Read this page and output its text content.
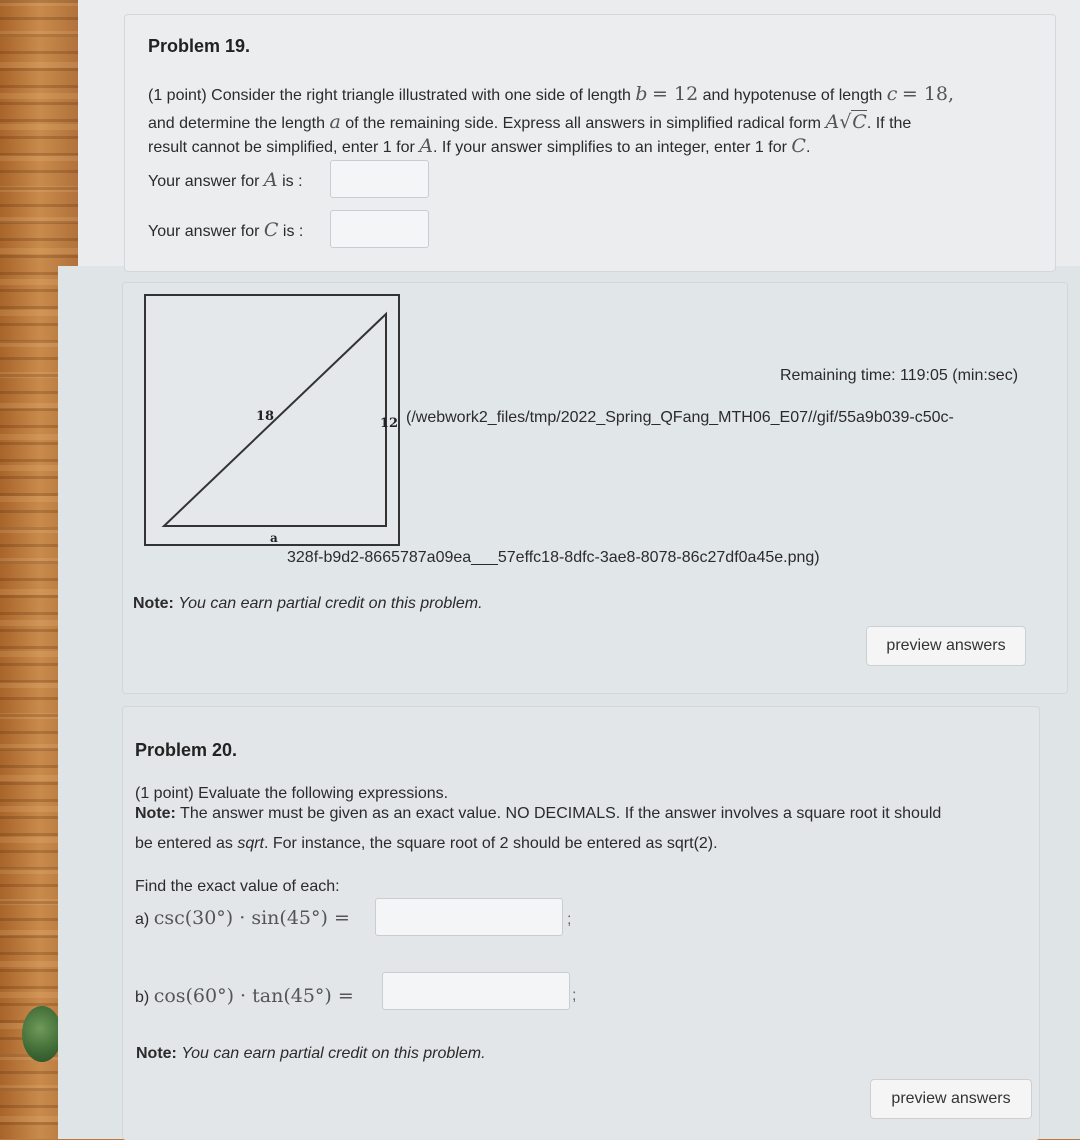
Problem 19.
(1 point) Consider the right triangle illustrated with one side of length b = 12 and hypotenuse of length c = 18,
and determine the length a of the remaining side. Express all answers in simplified radical form A√C. If the
result cannot be simplified, enter 1 for A. If your answer simplifies to an integer, enter 1 for C.
Your answer for A is :
Your answer for C is :
18	12
a
Remaining time: 119:05 (min:sec)
(/webwork2_files/tmp/2022_Spring_QFang_MTH06_E07//gif/55a9b039-c50c-
328f-b9d2-8665787a09ea___57effc18-8dfc-3ae8-8078-86c27df0a45e.png)
Note: You can earn partial credit on this problem.
preview answers
Problem 20.
(1 point) Evaluate the following expressions.
Note: The answer must be given as an exact value. NO DECIMALS. If the answer involves a square root it should
be entered as sqrt. For instance, the square root of 2 should be entered as sqrt(2).
Find the exact value of each:
a) csc(30°) · sin(45°) =	;
b) cos(60°) · tan(45°) =	;
Note: You can earn partial credit on this problem.
preview answers
